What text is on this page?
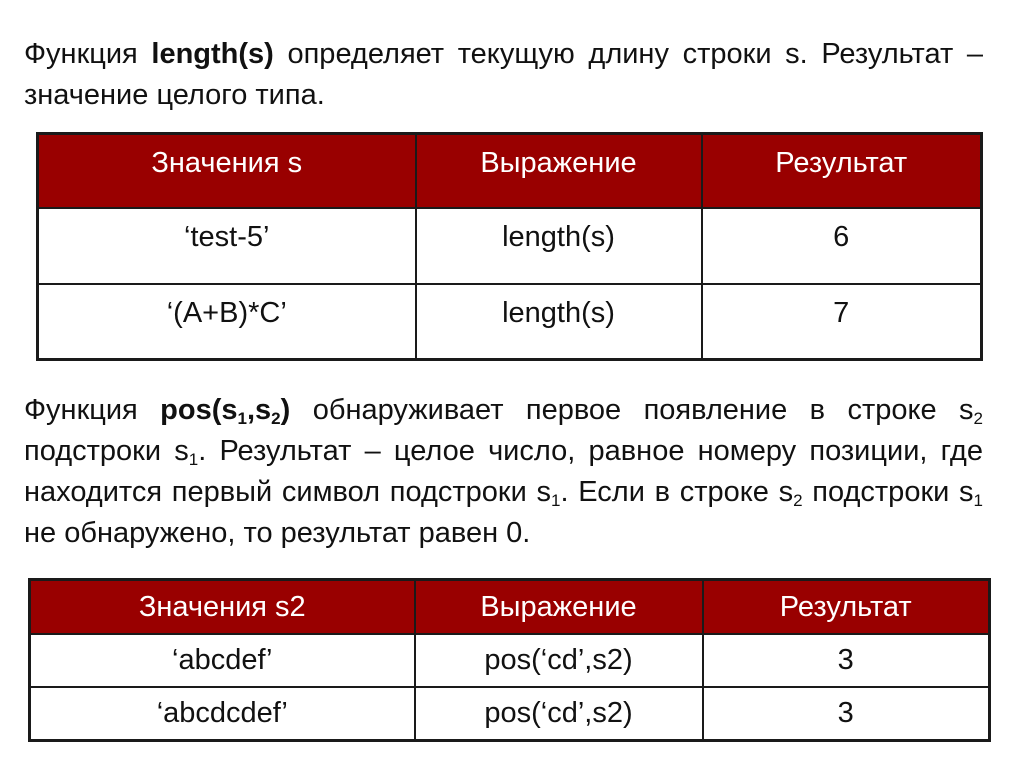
Функция length(s) определяет текущую длину строки s. Результат – значение целого типа.

Значения s	Выражение	Результат
‘test-5’	length(s)	6
‘(A+B)*C’	length(s)	7

Функция $pos(s_1,s_2)$ обнаруживает первое появление в строке $s_2$ подстроки $s_1$. Результат – целое число, равное номеру позиции, где находится первый символ подстроки $s_1$. Если в строке $s_2$ подстроки $s_1$ не обнаружено, то результат равен 0.

Значения s2	Выражение	Результат
‘abcdef’	pos(‘cd’,s2)	3
‘abcdcdef’	pos(‘cd’,s2)	3
